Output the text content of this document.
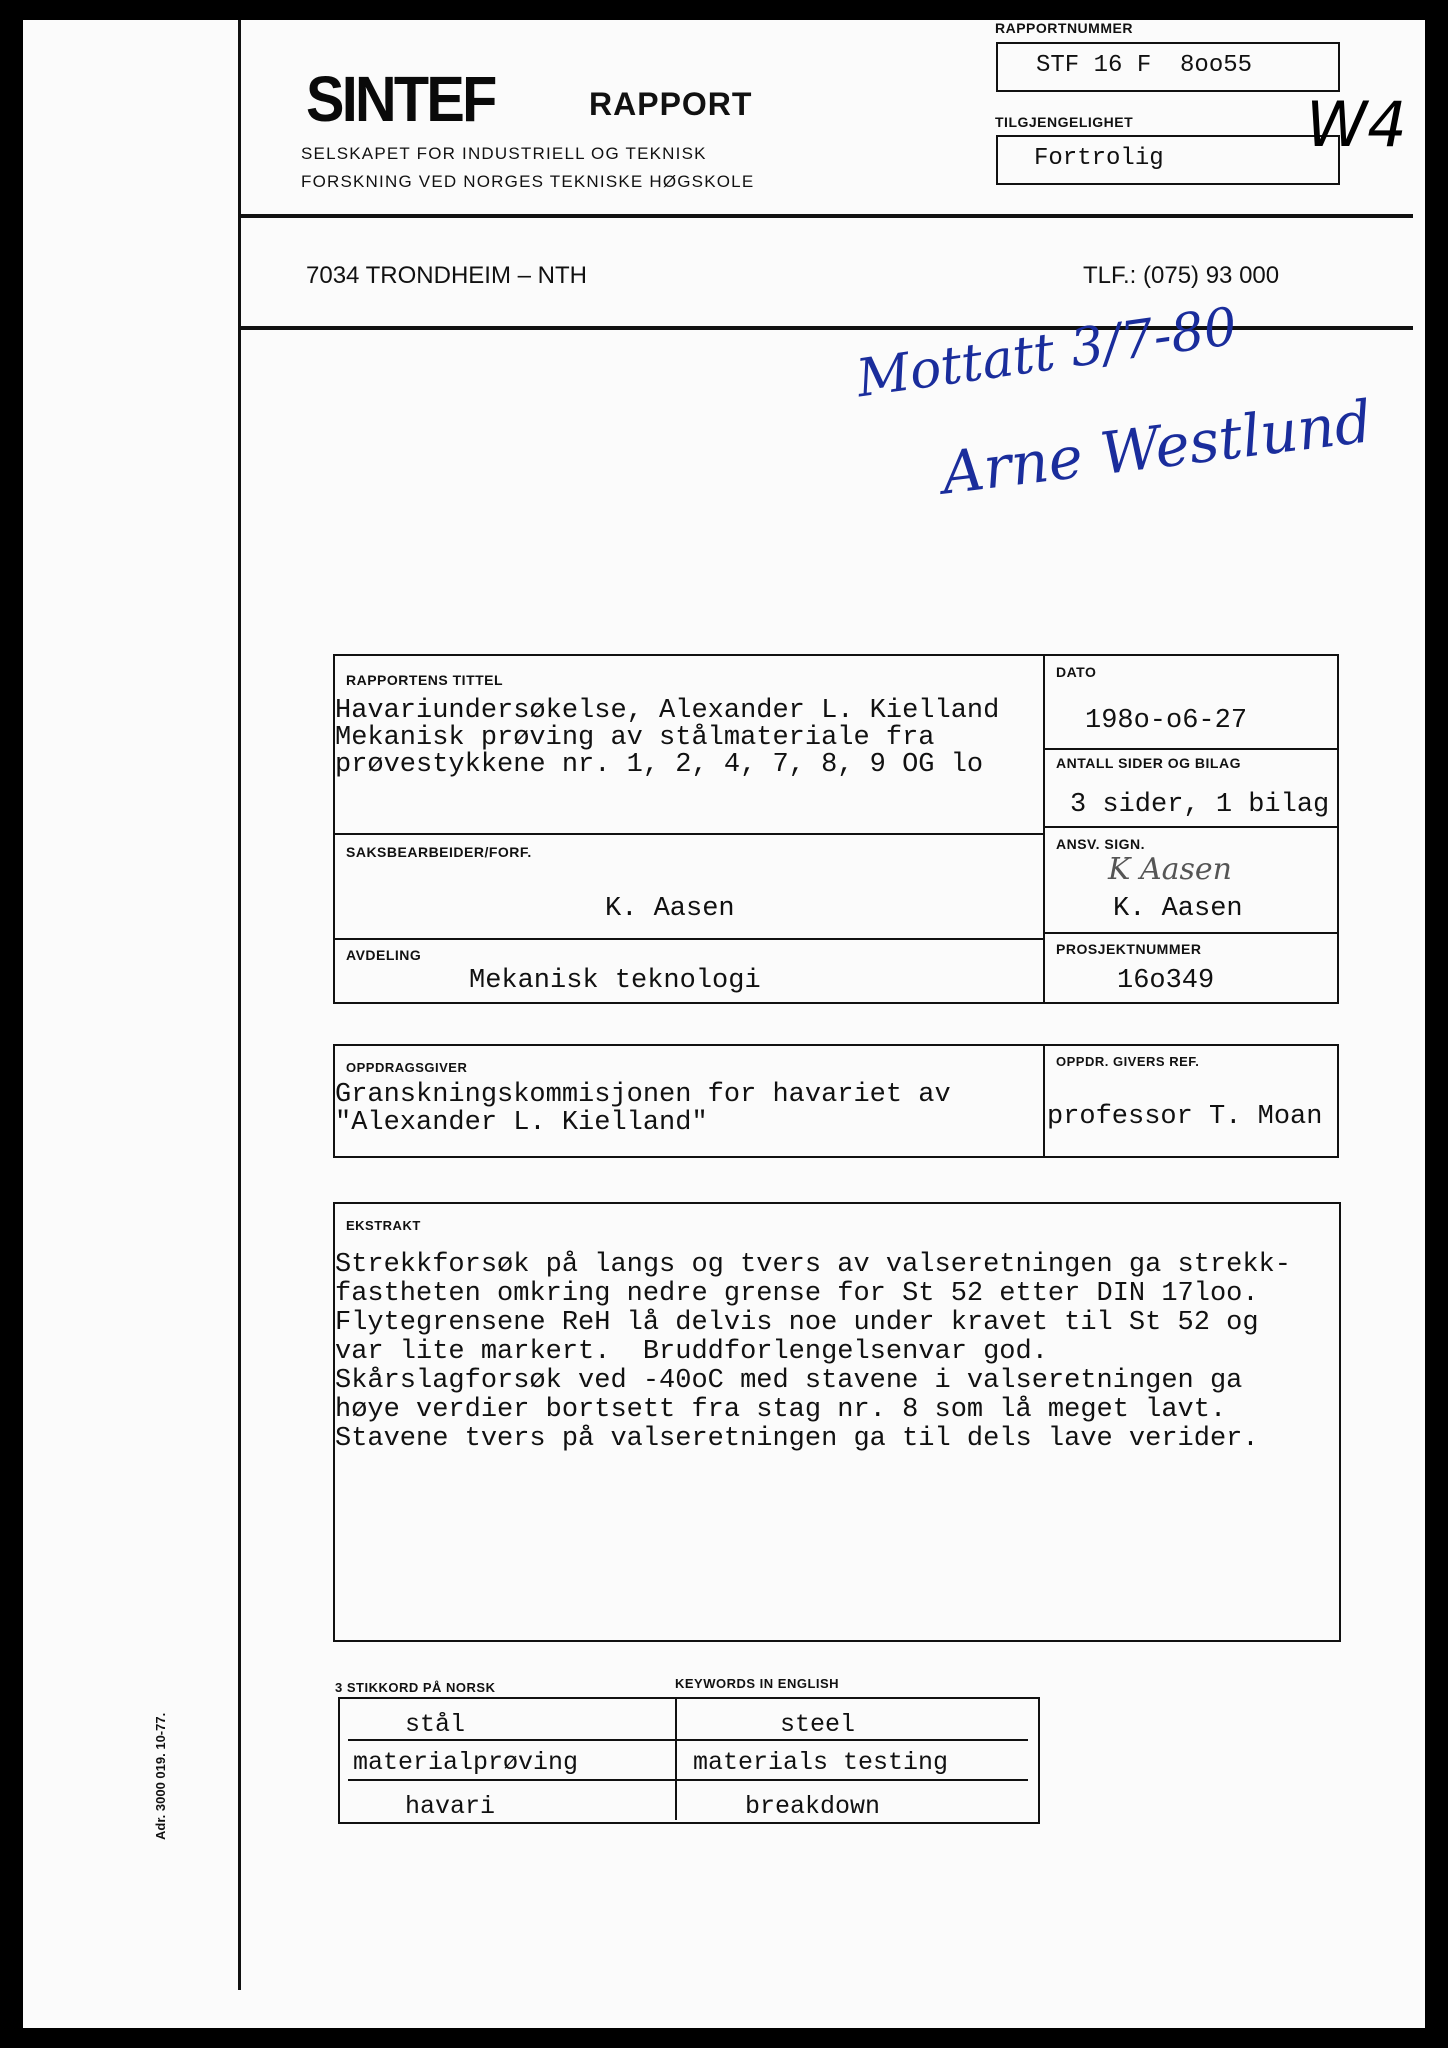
SINTEF	RAPPORT
SELSKAPET FOR INDUSTRIELL OG TEKNISK
FORSKNING VED NORGES TEKNISKE HØGSKOLE
RAPPORTNUMMER
STF 16 F  8oo55
TILGJENGELIGHET
Fortrolig W4
7034 TRONDHEIM – NTH	TLF.: (075) 93 000
Mottatt 3/7-80
Arne Westlund
RAPPORTENS TITTEL
Havariundersøkelse, Alexander L. Kielland
Mekanisk prøving av stålmateriale fra
prøvestykkene nr. 1, 2, 4, 7, 8, 9 OG lo
DATO
198o-o6-27
ANTALL SIDER OG BILAG
3 sider, 1 bilag
SAKSBEARBEIDER/FORF.
K. Aasen
ANSV. SIGN.
K Aasen
K. Aasen
AVDELING
Mekanisk teknologi
PROSJEKTNUMMER
16o349
OPPDRAGSGIVER
Granskningskommisjonen for havariet av
"Alexander L. Kielland"
OPPDR. GIVERS REF.
professor T. Moan
EKSTRAKT
Strekkforsøk på langs og tvers av valseretningen ga strekk-
fastheten omkring nedre grense for St 52 etter DIN 17loo.
Flytegrensene ReH lå delvis noe under kravet til St 52 og
var lite markert.  Bruddforlengelsenvar god.
Skårslagforsøk ved -40oC med stavene i valseretningen ga
høye verdier bortsett fra stag nr. 8 som lå meget lavt.
Stavene tvers på valseretningen ga til dels lave verider.
3 STIKKORD PÅ NORSK	KEYWORDS IN ENGLISH
stål	steel
materialprøving	materials testing
havari	breakdown
Adr. 3000 019. 10-77.
